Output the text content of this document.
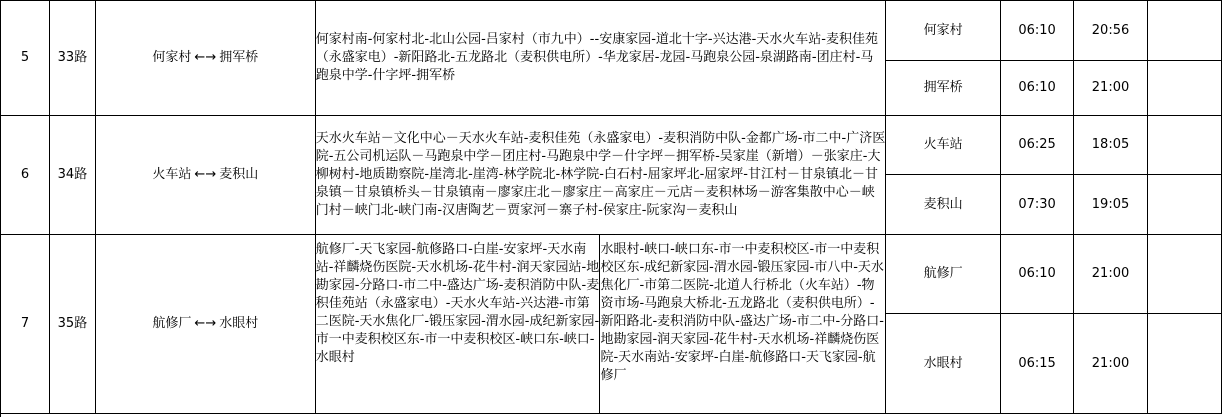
5	33路	何家村 ←→ 拥军桥	何家村南-何家村北-北山公园-吕家村（市九中）--安康家园-道北十字-兴达港-天水火车站-麦积佳苑（永盛家电）-新阳路北-五龙路北（麦积供电所）-华龙家居-龙园-马跑泉公园-泉湖路南-团庄村-马跑泉中学-什字坪-拥军桥		何家村	06:10	20:56	
					拥军桥	06:10	21:00	
6	34路	火车站 ←→ 麦积山	天水火车站－文化中心－天水火车站-麦积佳苑（永盛家电）-麦积消防中队-金都广场-市二中-广济医院-五公司机运队－马跑泉中学－团庄村-马跑泉中学－什字坪－拥军桥-吴家崖（新增）－张家庄-大柳树村-地质勘察院-崖湾北-崖湾-林学院北-林学院-白石村-屈家坪北-屈家坪-甘江村－甘泉镇北－甘泉镇－甘泉镇桥头－甘泉镇南－廖家庄北－廖家庄－高家庄－元店－麦积林场－游客集散中心－峡门村－峡门北-峡门南-汉唐陶艺－贾家河－寨子村-侯家庄-阮家沟－麦积山		火车站	06:25	18:05	
					麦积山	07:30	19:05	
7	35路	航修厂 ←→ 水眼村	航修厂-天飞家园-航修路口-白崖-安家坪-天水南站-祥麟烧伤医院-天水机场-花牛村-润天家园站-地勘家园-分路口-市二中-盛达广场-麦积消防中队-麦积佳苑站（永盛家电）-天水火车站-兴达港-市第二医院-天水焦化厂-锻压家园-渭水园-成纪新家园-市一中麦积校区东-市一中麦积校区-峡口东-峡口-水眼村	水眼村-峡口-峡口东-市一中麦积校区-市一中麦积校区东-成纪新家园-渭水园-锻压家园-市八中-天水焦化厂-市第二医院-北道人行桥北（火车站）-物资市场-马跑泉大桥北-五龙路北（麦积供电所）-新阳路北-麦积消防中队-盛达广场-市二中-分路口-地勘家园-润天家园-花牛村-天水机场-祥麟烧伤医院-天水南站-安家坪-白崖-航修路口-天飞家园-航修厂	航修厂	06:10	21:00	
					水眼村	06:15	21:00	
